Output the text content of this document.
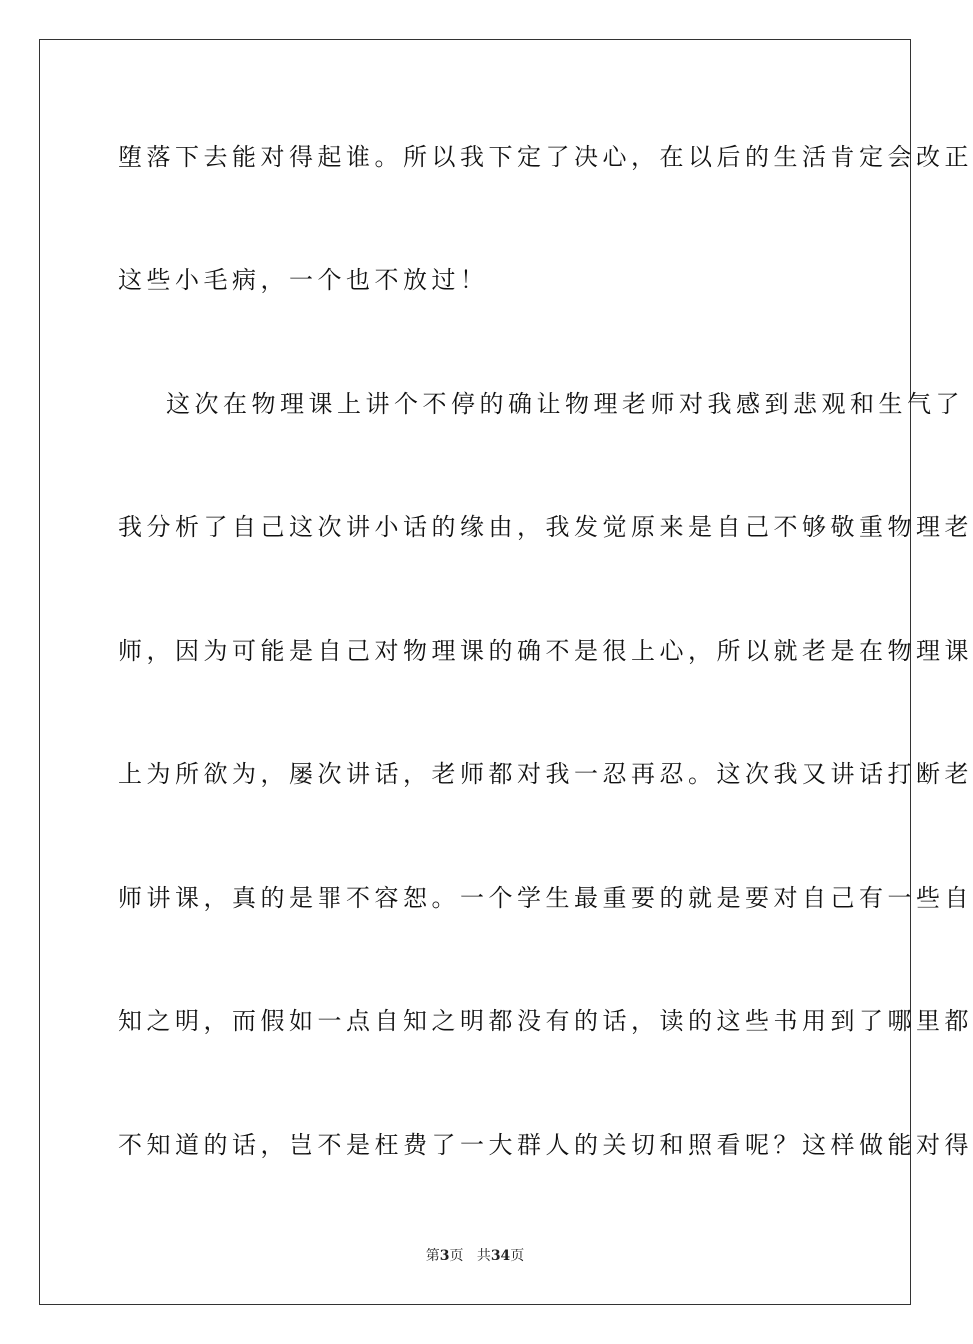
堕落下去能对得起谁。所以我下定了决心，在以后的生活肯定会改正
这些小毛病，一个也不放过！
这次在物理课上讲个不停的确让物理老师对我感到悲观和生气了
我分析了自己这次讲小话的缘由，我发觉原来是自己不够敬重物理老
师，因为可能是自己对物理课的确不是很上心，所以就老是在物理课
上为所欲为，屡次讲话，老师都对我一忍再忍。这次我又讲话打断老
师讲课，真的是罪不容恕。一个学生最重要的就是要对自己有一些自
知之明，而假如一点自知之明都没有的话，读的这些书用到了哪里都
不知道的话，岂不是枉费了一大群人的关切和照看呢？这样做能对得
第3页 共34页
